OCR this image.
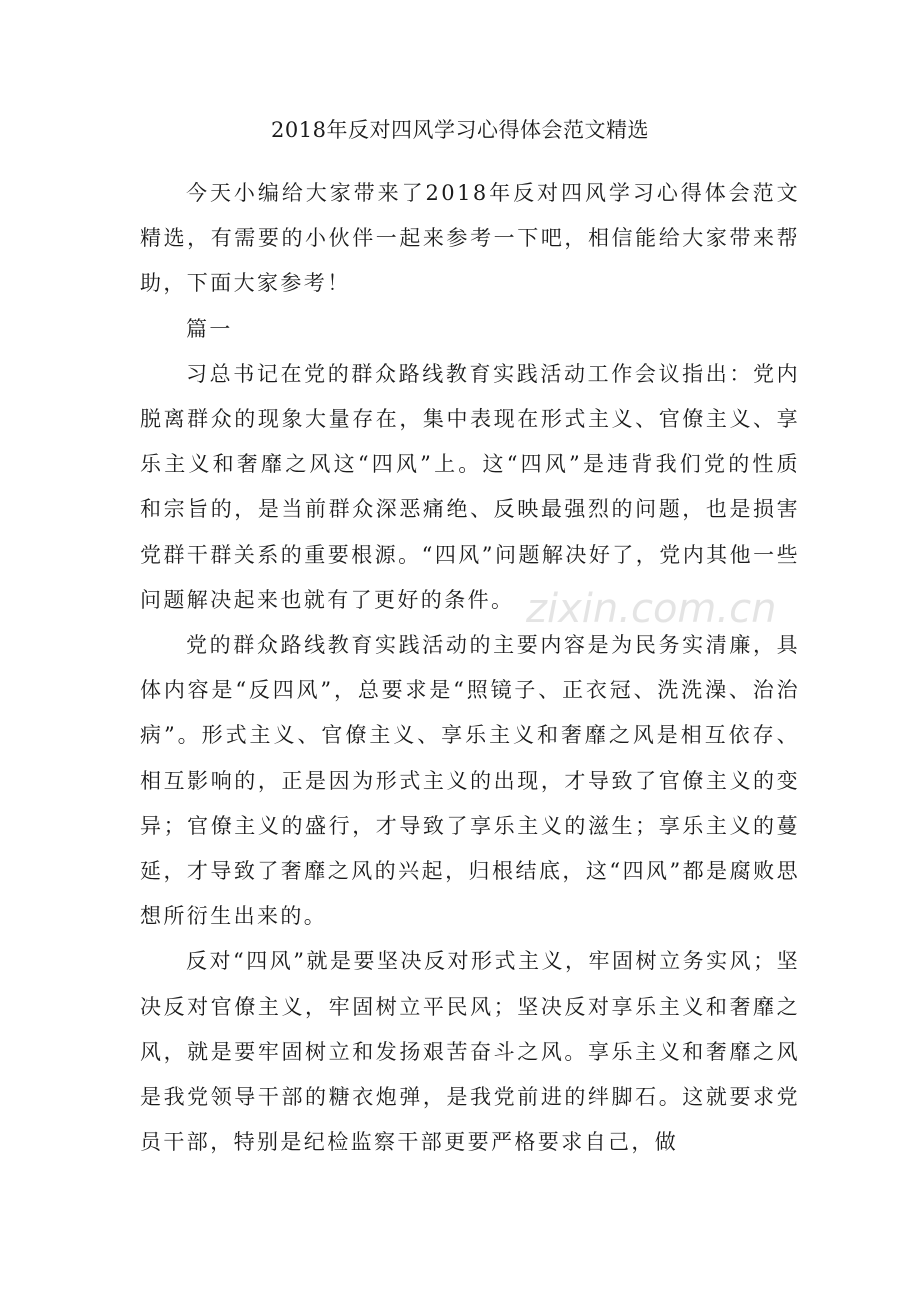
2018年反对四风学习心得体会范文精选

今天小编给大家带来了2018年反对四风学习心得体会范文精选，有需要的小伙伴一起来参考一下吧，相信能给大家带来帮助，下面大家参考！

篇一

习总书记在党的群众路线教育实践活动工作会议指出：党内脱离群众的现象大量存在，集中表现在形式主义、官僚主义、享乐主义和奢靡之风这“四风”上。这“四风”是违背我们党的性质和宗旨的，是当前群众深恶痛绝、反映最强烈的问题，也是损害党群干群关系的重要根源。“四风”问题解决好了，党内其他一些问题解决起来也就有了更好的条件。

党的群众路线教育实践活动的主要内容是为民务实清廉，具体内容是“反四风”，总要求是“照镜子、正衣冠、洗洗澡、治治病”。形式主义、官僚主义、享乐主义和奢靡之风是相互依存、相互影响的，正是因为形式主义的出现，才导致了官僚主义的变异；官僚主义的盛行，才导致了享乐主义的滋生；享乐主义的蔓延，才导致了奢靡之风的兴起，归根结底，这“四风”都是腐败思想所衍生出来的。

反对“四风”就是要坚决反对形式主义，牢固树立务实风；坚决反对官僚主义，牢固树立平民风；坚决反对享乐主义和奢靡之风，就是要牢固树立和发扬艰苦奋斗之风。享乐主义和奢靡之风是我党领导干部的糖衣炮弹，是我党前进的绊脚石。这就要求党员干部，特别是纪检监察干部更要严格要求自己，做

zixin.com.cn
